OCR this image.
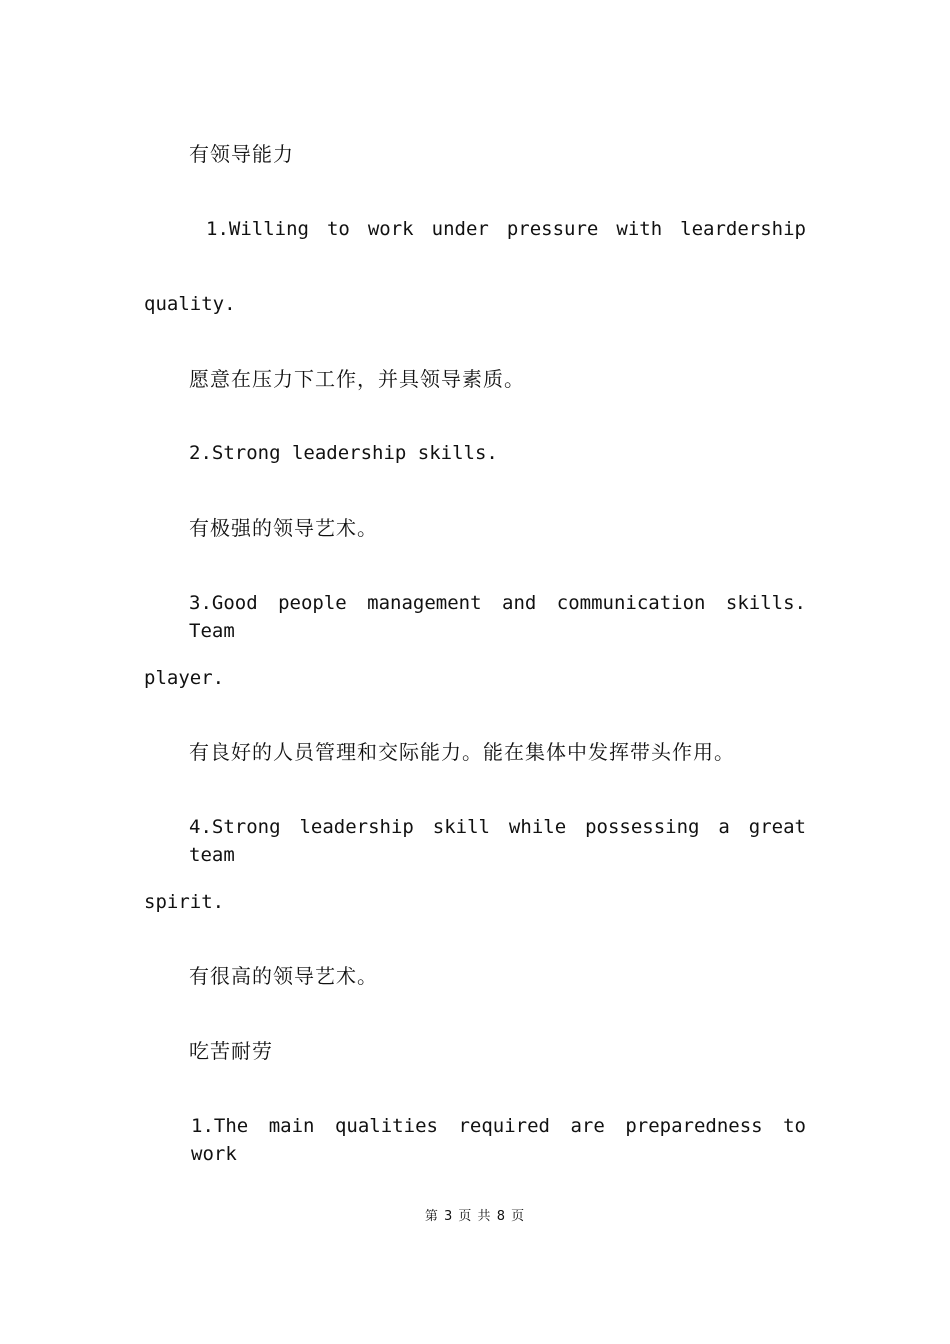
有领导能力
1.Willing to work under pressure with leardership
quality.
愿意在压力下工作，并具领导素质。
2.Strong leadership skills.
有极强的领导艺术。
3.Good people management and communication skills. Team
player.
有良好的人员管理和交际能力。能在集体中发挥带头作用。
4.Strong leadership skill while possessing a great team
spirit.
有很高的领导艺术。
吃苦耐劳
1.The main qualities required are preparedness to work
第 3 页 共 8 页
